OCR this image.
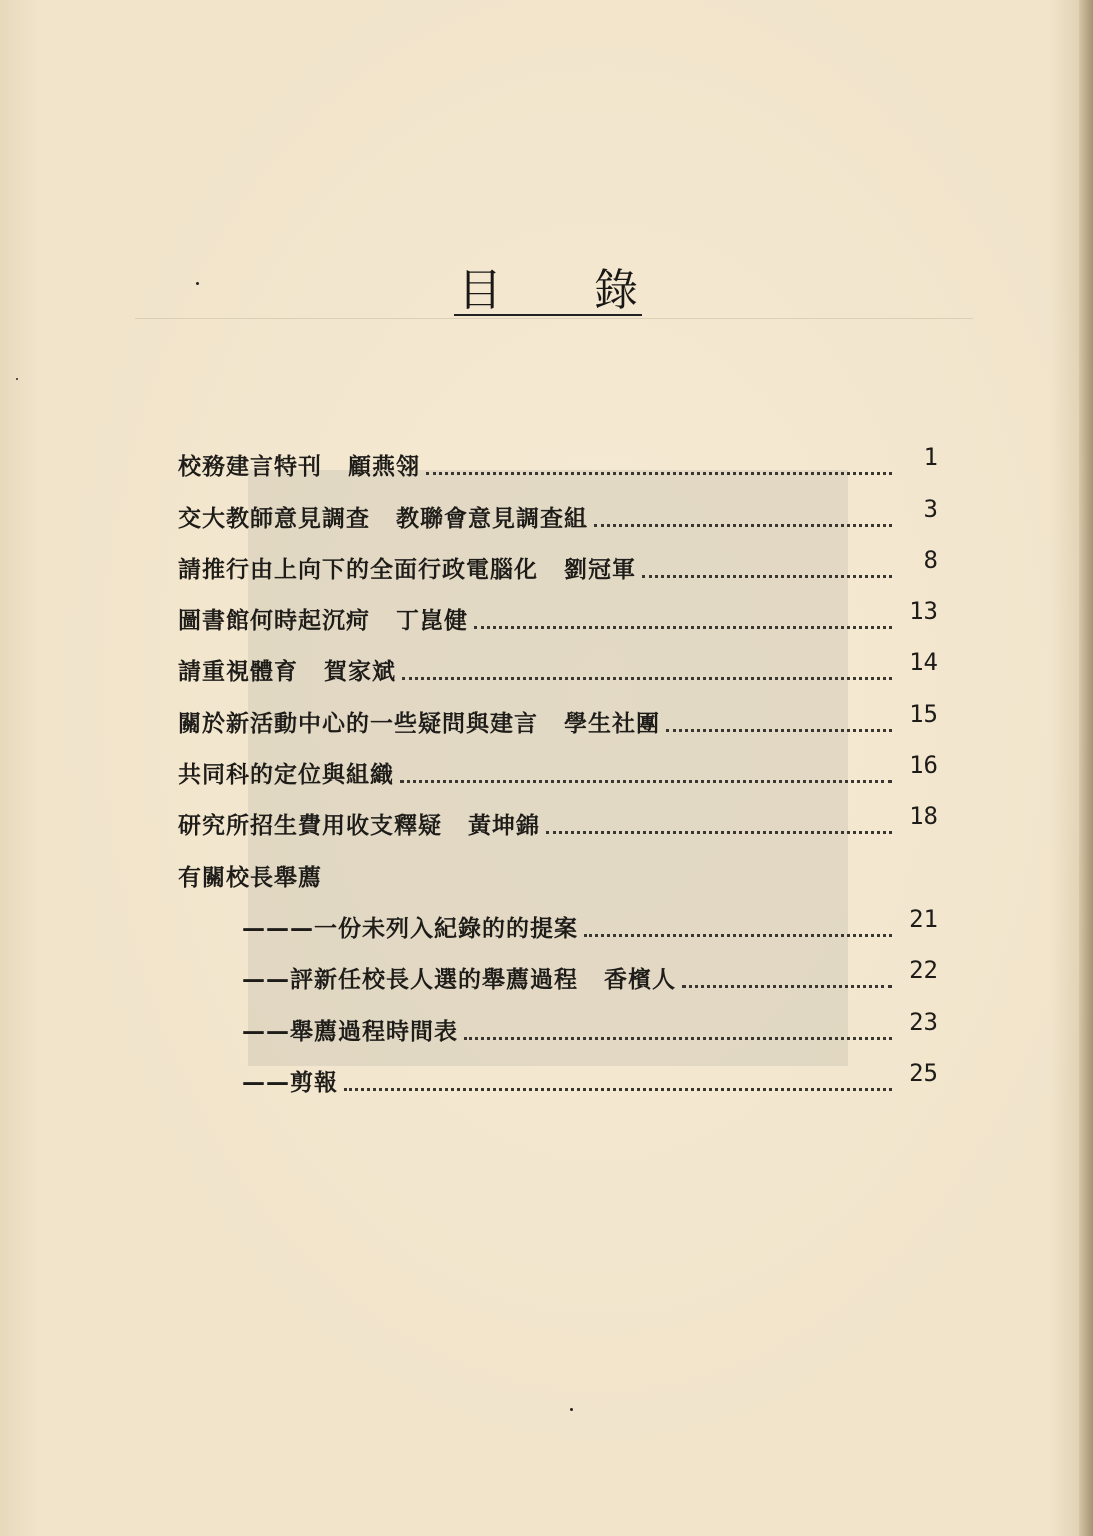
目 錄
校務建言特刊 顧燕翎	1
交大教師意見調查 教聯會意見調查組	3
請推行由上向下的全面行政電腦化 劉冠軍	8
圖書館何時起沉疴 丁崑健	13
請重視體育 賀家斌	14
關於新活動中心的一些疑問與建言 學生社團	15
共同科的定位與組織	16
研究所招生費用收支釋疑 黃坤錦	18
有關校長舉薦
———一份未列入紀錄的的提案	21
——評新任校長人選的舉薦過程 香檳人	22
——舉薦過程時間表	23
——剪報	25
